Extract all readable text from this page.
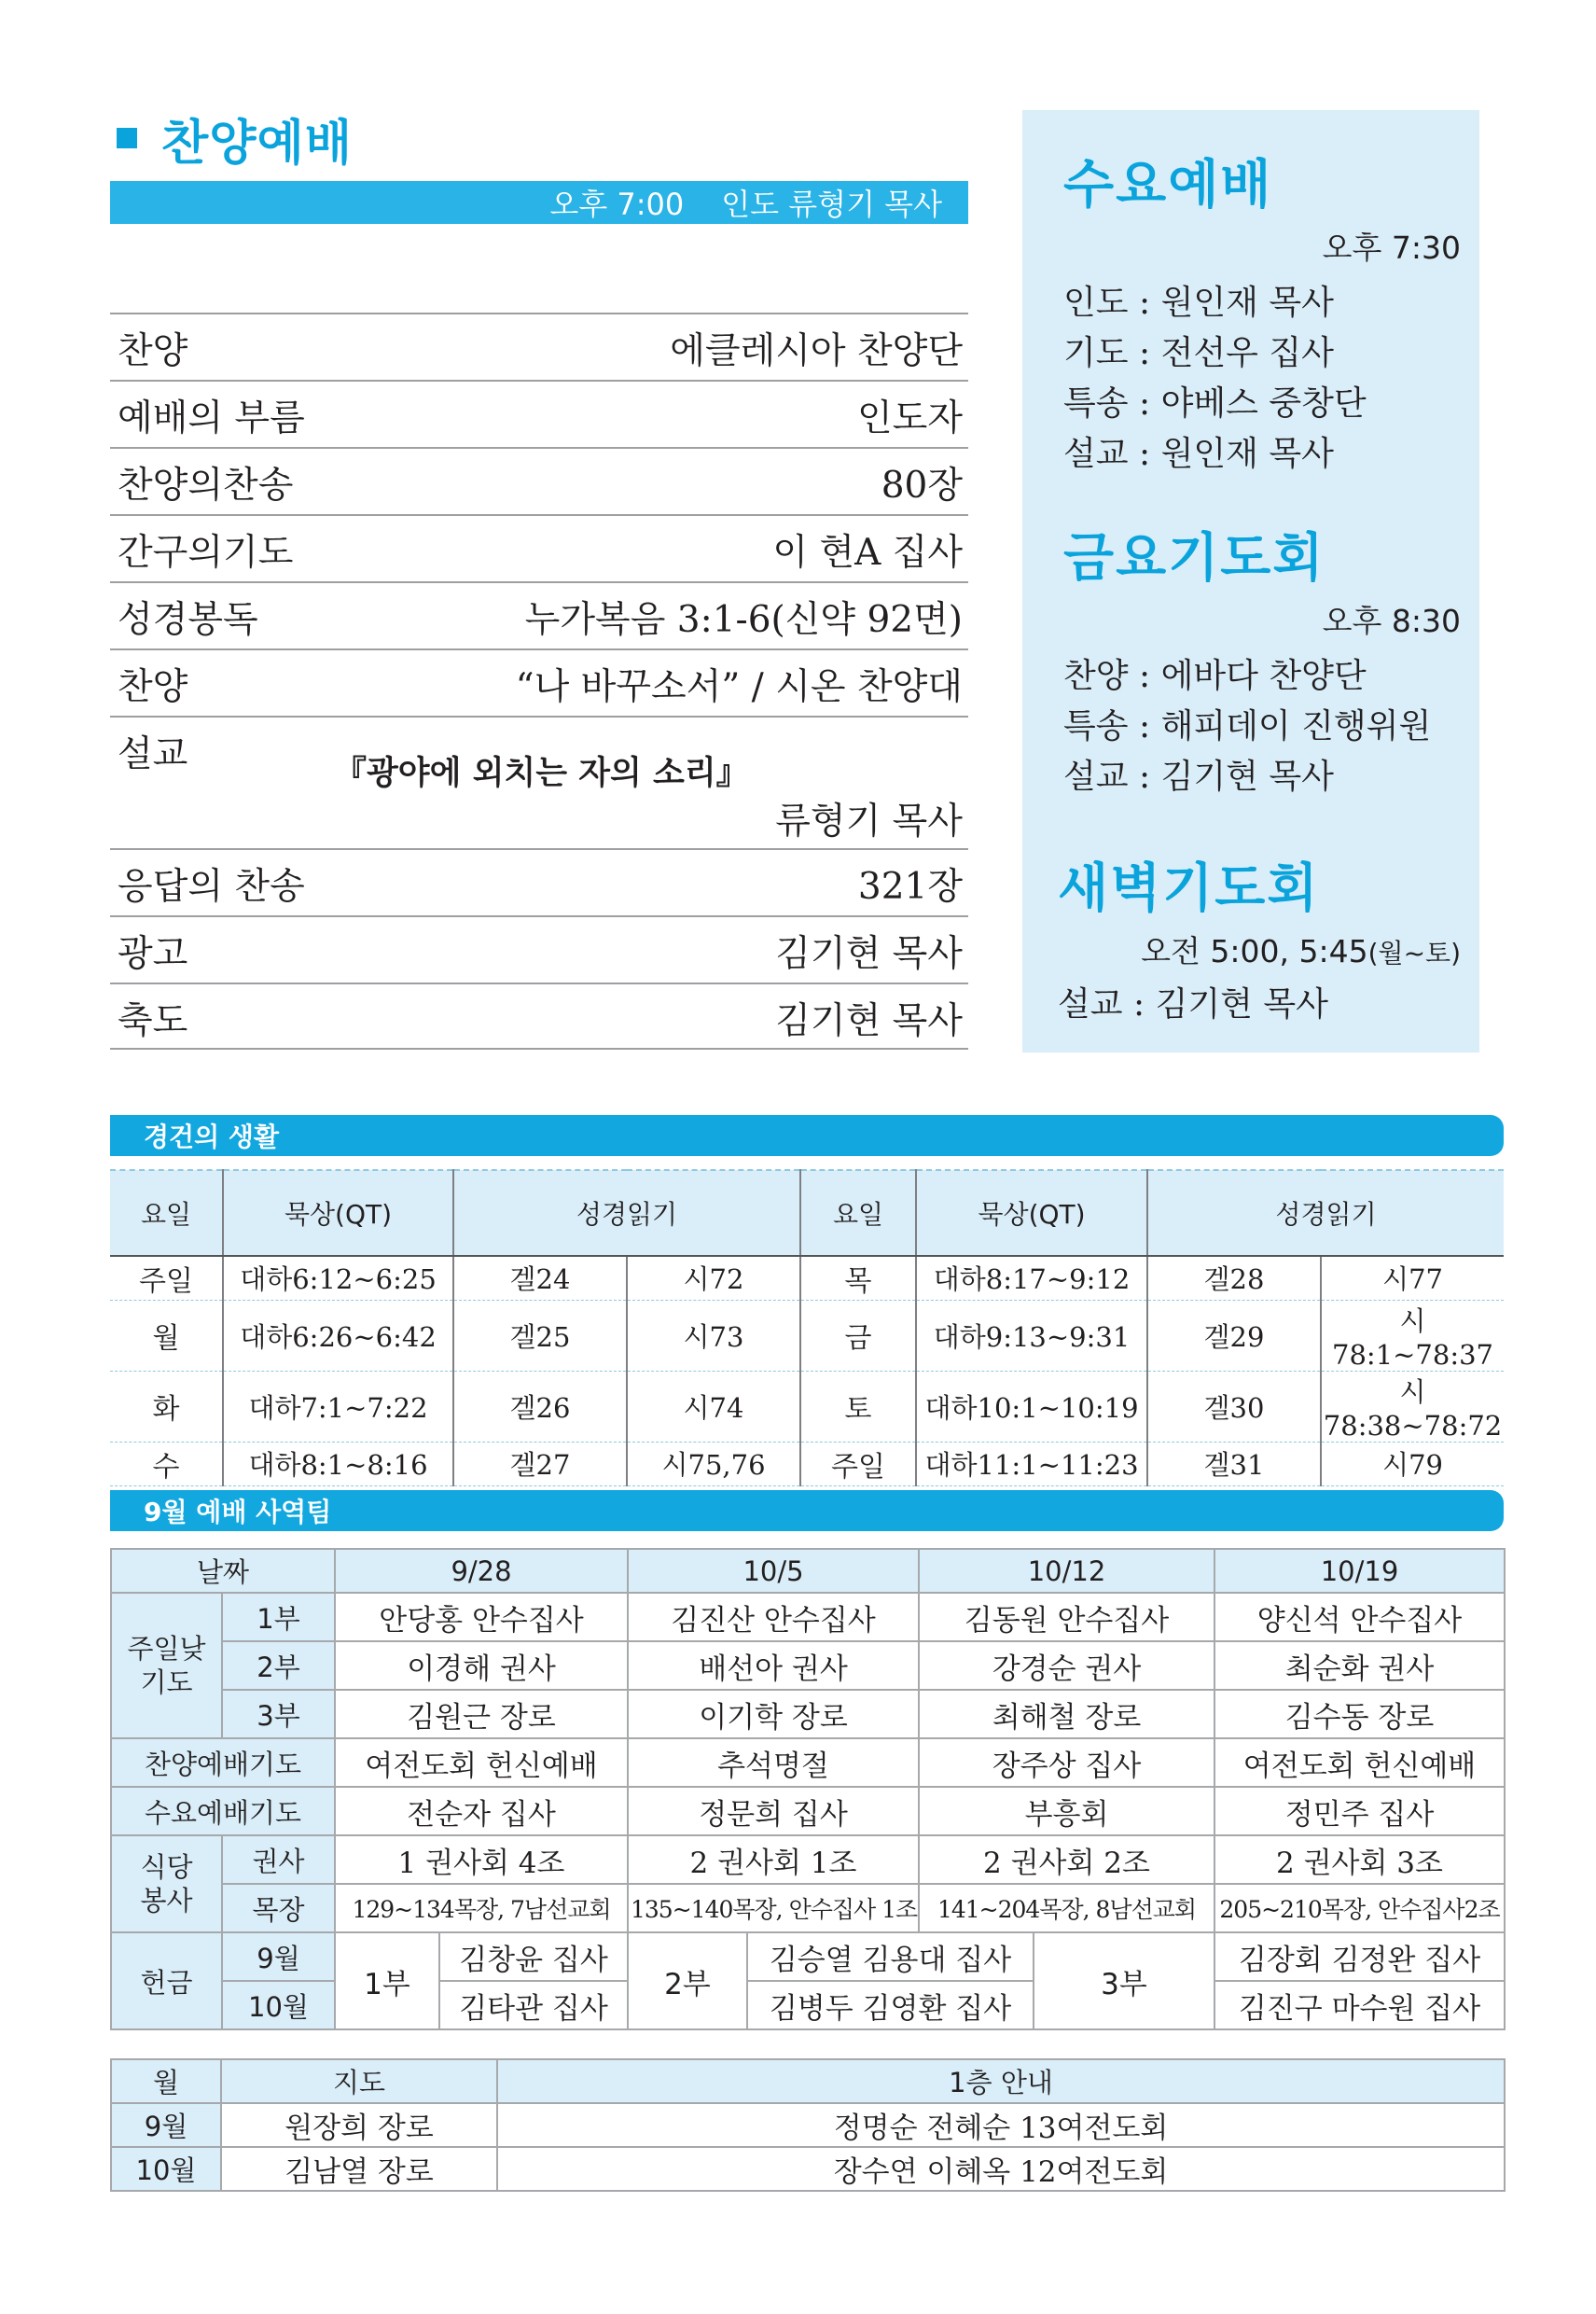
찬양예배
오후 7:00 인도 류형기 목사
찬양	에클레시아 찬양단
예배의 부름	인도자
찬양의찬송	80장
간구의기도	이 현A 집사
성경봉독	누가복음 3:1-6(신약 92면)
찬양	“나 바꾸소서” / 시온 찬양대
설교	『광야에 외치는 자의 소리』
류형기 목사
응답의 찬송	321장
광고	김기현 목사
축도	김기현 목사
수요예배
오후 7:30
인도 : 원인재 목사
기도 : 전선우 집사
특송 : 야베스 중창단
설교 : 원인재 목사
금요기도회
오후 8:30
찬양 : 에바다 찬양단
특송 : 해피데이 진행위원
설교 : 김기현 목사
새벽기도회
오전 5:00, 5:45(월~토)
설교 : 김기현 목사
경건의 생활
요일	묵상(QT)	성경읽기		요일	묵상(QT)	성경읽기	
주일	대하6:12~6:25	겔24	시72	목	대하8:17~9:12	겔28	시77
월	대하6:26~6:42	겔25	시73	금	대하9:13~9:31	겔29	시78:1~78:37
화	대하7:1~7:22	겔26	시74	토	대하10:1~10:19	겔30	시78:38~78:72
수	대하8:1~8:16	겔27	시75,76	주일	대하11:1~11:23	겔31	시79
9월 예배 사역팀
날짜		9/28		10/5		10/12		10/19
주일낮 기도	1부	안당홍 안수집사		김진산 안수집사		김동원 안수집사		양신석 안수집사
	2부	이경해 권사		배선아 권사		강경순 권사		최순화 권사
	3부	김원근 장로		이기학 장로		최해철 장로		김수동 장로
찬양예배기도		여전도회 헌신예배		추석명절		장주상 집사		여전도회 헌신예배
수요예배기도		전순자 집사		정문희 집사		부흥회		정민주 집사
식당 봉사	권사	1 권사회 4조		2 권사회 1조		2 권사회 2조		2 권사회 3조
	목장	129~134목장, 7남선교회		135~140목장, 안수집사 1조		141~204목장, 8남선교회		205~210목장, 안수집사2조
헌금	9월	1부	김창윤 집사	2부	김승열 김용대 집사		3부	김장회 김정완 집사
	10월		김타관 집사		김병두 김영환 집사			김진구 마수원 집사
월	지도	1층 안내
9월	원장희 장로	정명순 전혜순 13여전도회
10월	김남열 장로	장수연 이혜옥 12여전도회
